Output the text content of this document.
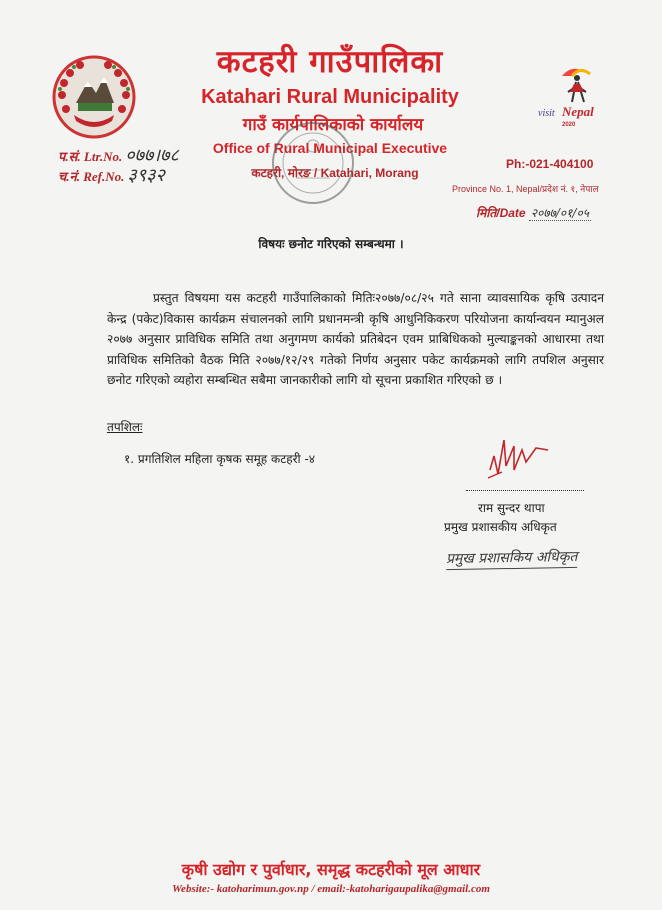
कटहरी गाउँपालिका
Katahari Rural Municipality
गाउँ कार्यपालिकाको कार्यालय
Office of Rural Municipal Executive
कटहरी, मोरङ / Katahari, Morang
visit Nepal
2020
प.सं. Ltr.No. ०७७।७८
च.नं. Ref.No. ३९३२
Ph:-021-404100
Province No. 1, Nepal/प्रदेश नं. १, नेपाल
मिति/Date २०७७/०१/०५
विषयः छनोट गरिएको सम्बन्धमा ।
प्रस्तुत विषयमा यस कटहरी गाउँपालिकाको मितिः२०७७/०८/२५ गते साना व्यावसायिक कृषि उत्पादन केन्द्र (पकेट)विकास कार्यक्रम संचालनको लागि प्रधानमन्त्री कृषि आधुनिकिकरण परियोजना कार्यान्वयन म्यानुअल २०७७ अनुसार प्राविधिक समिति तथा अनुगमण कार्यको प्रतिबेदन एवम प्राबिधिकको मुल्याङ्कनको आधारमा तथा प्राविधिक समितिको वैठक मिति २०७७/१२/२९ गतेको निर्णय अनुसार पकेट कार्यक्रमको लागि तपशिल अनुसार छनोट गरिएको व्यहोरा सम्बन्धित सबैमा जानकारीको लागि यो सूचना प्रकाशित गरिएको छ ।
तपशिलः
१. प्रगतिशिल महिला कृषक समूह कटहरी -४
राम सुन्दर थापा
प्रमुख प्रशासकीय अधिकृत
प्रमुख प्रशासकिय अधिकृत
कृषी उद्योग र पुर्वाधार, समृद्ध कटहरीको मूल आधार
Website:- katoharimun.gov.np / email:-katoharigaupalika@gmail.com
